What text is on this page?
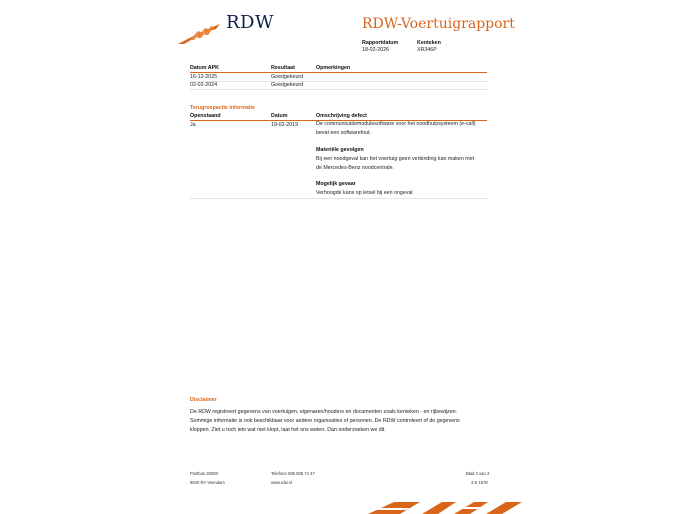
RDW	RDW-Voertuigrapport
Rapportdatum
18-02-2026
Kenteken
XR346P
Datum APK	Resultaat	Opmerkingen
16-12-2025	Goedgekeurd
02-02-2024	Goedgekeurd
Terugroepactie informatie
Openstaand	Datum	Omschrijving defect
Ja	19-02-2019	De communicatiemodulesoftware voor het noodhulpsysteem (e-call)
bevat een softwarefout.
Materiële gevolgen
Bij een noodgeval kan het voertuig geen verbinding kan maken met
de Mercedes-Benz noodcentrale.
Mogelijk gevaar
Verhoogde kans op letsel bij een ongeval
Disclaimer
De RDW registreert gegevens van voertuigen, eigenaren/houders en documenten zoals kenteken - en rijbewijzen.
Sommige informatie is ook beschikbaar voor andere organisaties of personen. De RDW controleert of de gegevens
kloppen. Ziet u toch iets wat niet klopt, laat het ons weten. Dan onderzoeken we dit.
Postbus 30000
9640 RA Veendam
Telefoon 088 008 74 47
www.rdw.nl
Blad 3 van 3
3 E 1678
